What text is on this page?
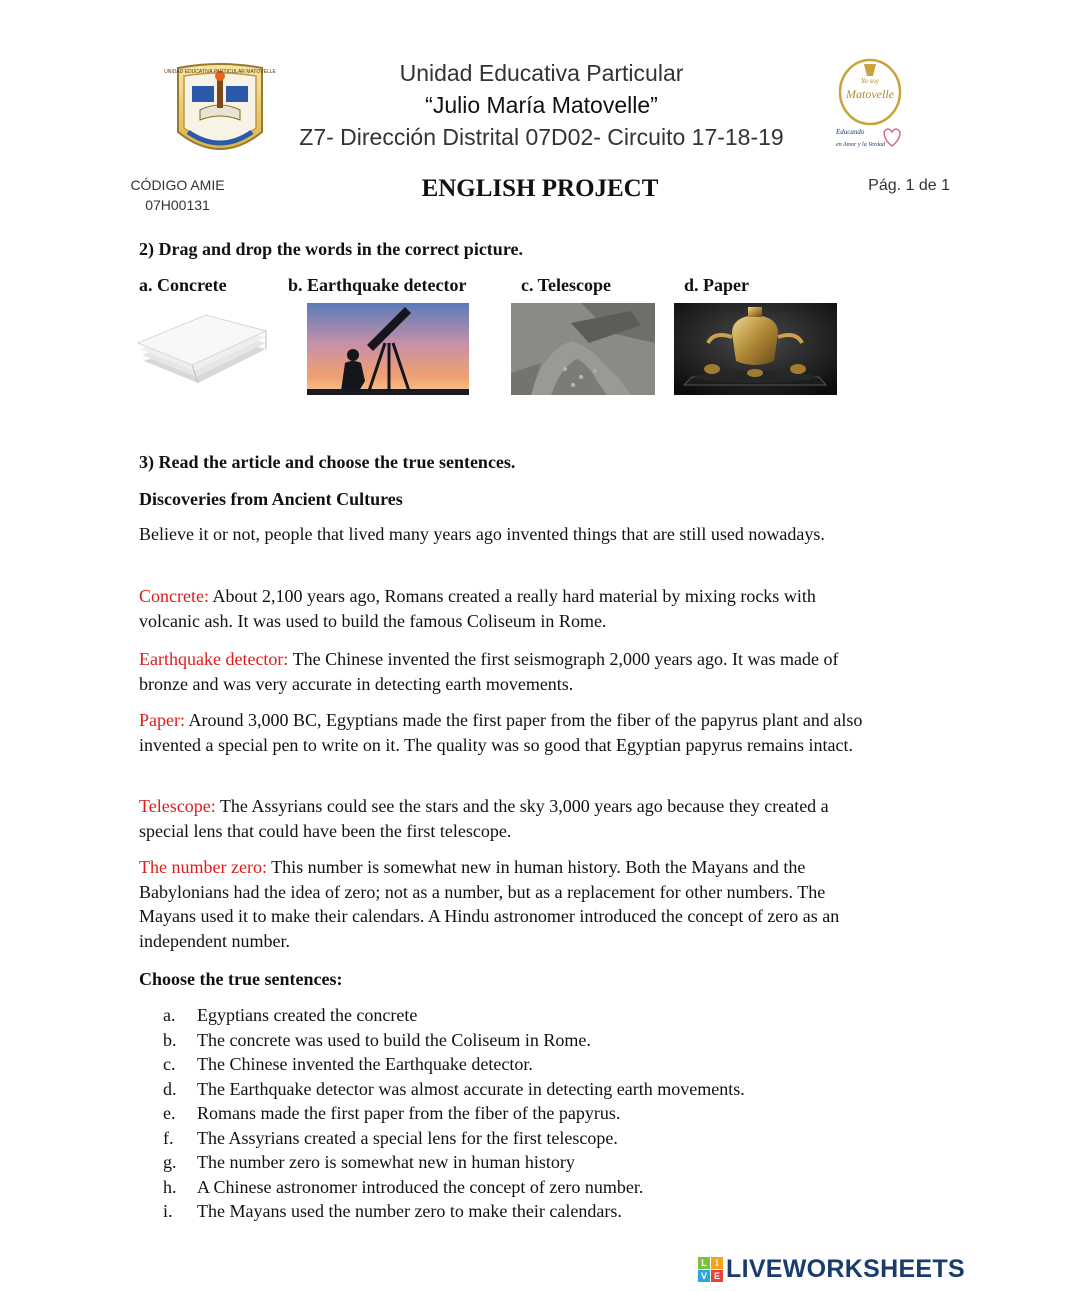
UNIDAD EDUCATIVA PARTICULAR MATOVELLE	Unidad Educativa Particular
“Julio María Matovelle”
Z7- Dirección Distrital 07D02- Circuito 17-18-19
Yo soy
Matovelle
Educando
en Amor y la Verdad
CÓDIGO AMIE
07H00131
ENGLISH PROJECT	Pág. 1 de 1

2) Drag and drop the words in the correct picture.

a. Concrete	b. Earthquake detector	c. Telescope	d. Paper

3) Read the article and choose the true sentences.

Discoveries from Ancient Cultures

Believe it or not, people that lived many years ago invented things that are still used nowadays.

Concrete: About 2,100 years ago, Romans created a really hard material by mixing rocks with volcanic ash. It was used to build the famous Coliseum in Rome.

Earthquake detector: The Chinese invented the first seismograph 2,000 years ago. It was made of bronze and was very accurate in detecting earth movements.

Paper: Around 3,000 BC, Egyptians made the first paper from the fiber of the papyrus plant and also invented a special pen to write on it. The quality was so good that Egyptian papyrus remains intact.

Telescope: The Assyrians could see the stars and the sky 3,000 years ago because they created a special lens that could have been the first telescope.

The number zero: This number is somewhat new in human history. Both the Mayans and the Babylonians had the idea of zero; not as a number, but as a replacement for other numbers. The Mayans used it to make their calendars. A Hindu astronomer introduced the concept of zero as an independent number.

Choose the true sentences:

a.	Egyptians created the concrete
b.	The concrete was used to build the Coliseum in Rome.
c.	The Chinese invented the Earthquake detector.
d.	The Earthquake detector was almost accurate in detecting earth movements.
e.	Romans made the first paper from the fiber of the papyrus.
f.	The Assyrians created a special lens for the first telescope.
g.	The number zero is somewhat new in human history
h.	A Chinese astronomer introduced the concept of zero number.
i.	The Mayans used the number zero to make their calendars.
L I
V E LIVEWORKSHEETS
